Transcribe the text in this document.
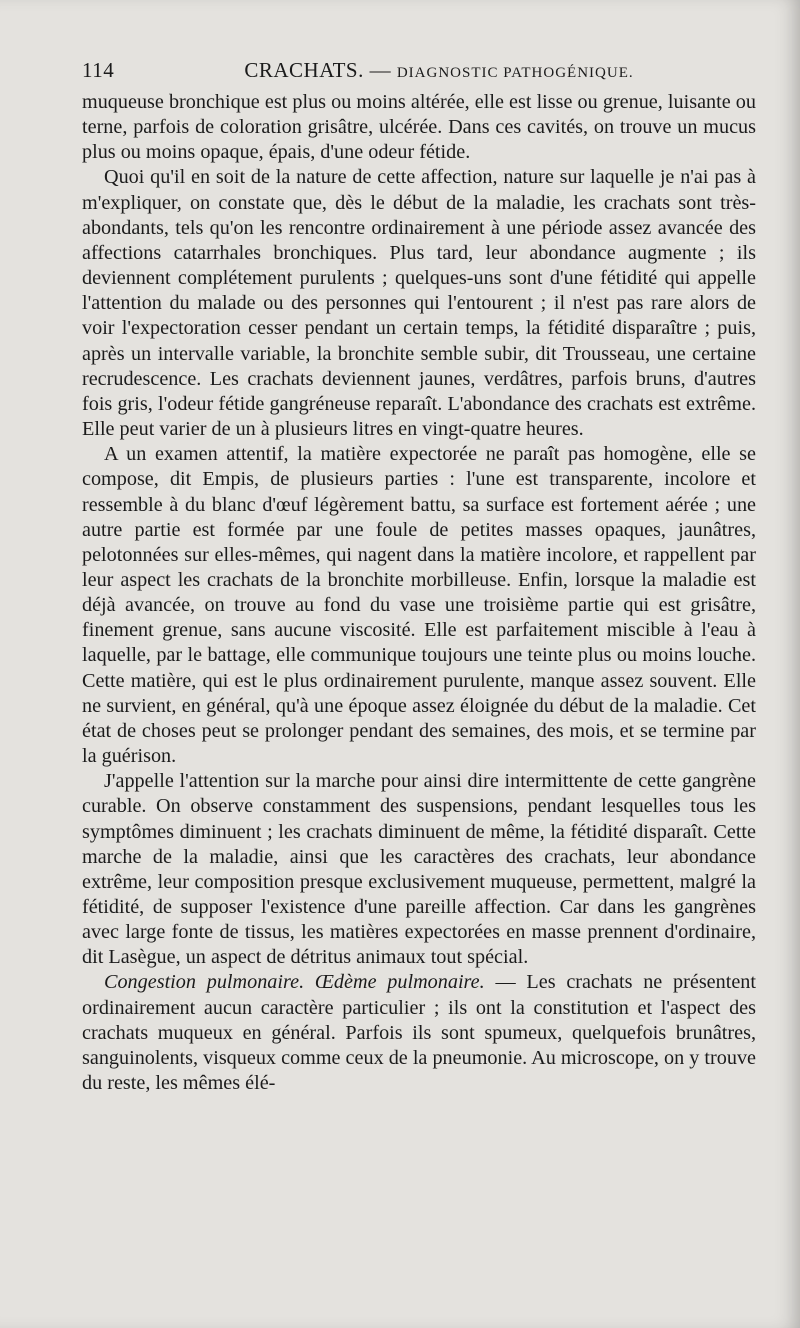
114	CRACHATS. — DIAGNOSTIC PATHOGÉNIQUE.

muqueuse bronchique est plus ou moins altérée, elle est lisse ou grenue, luisante ou terne, parfois de coloration grisâtre, ulcérée. Dans ces cavités, on trouve un mucus plus ou moins opaque, épais, d'une odeur fétide.

Quoi qu'il en soit de la nature de cette affection, nature sur laquelle je n'ai pas à m'expliquer, on constate que, dès le début de la maladie, les crachats sont très-abondants, tels qu'on les rencontre ordinairement à une période assez avancée des affections catarrhales bronchiques. Plus tard, leur abondance augmente ; ils deviennent complétement purulents ; quelques-uns sont d'une fétidité qui appelle l'attention du malade ou des personnes qui l'entourent ; il n'est pas rare alors de voir l'expectoration cesser pendant un certain temps, la fétidité disparaître ; puis, après un intervalle variable, la bronchite semble subir, dit Trousseau, une certaine recrudescence. Les crachats deviennent jaunes, verdâtres, parfois bruns, d'autres fois gris, l'odeur fétide gangréneuse reparaît. L'abondance des crachats est extrême. Elle peut varier de un à plusieurs litres en vingt-quatre heures.

A un examen attentif, la matière expectorée ne paraît pas homogène, elle se compose, dit Empis, de plusieurs parties : l'une est transparente, incolore et ressemble à du blanc d'œuf légèrement battu, sa surface est fortement aérée ; une autre partie est formée par une foule de petites masses opaques, jaunâtres, pelotonnées sur elles-mêmes, qui nagent dans la matière incolore, et rappellent par leur aspect les crachats de la bronchite morbilleuse. Enfin, lorsque la maladie est déjà avancée, on trouve au fond du vase une troisième partie qui est grisâtre, finement grenue, sans aucune viscosité. Elle est parfaitement miscible à l'eau à laquelle, par le battage, elle communique toujours une teinte plus ou moins louche. Cette matière, qui est le plus ordinairement purulente, manque assez souvent. Elle ne survient, en général, qu'à une époque assez éloignée du début de la maladie. Cet état de choses peut se prolonger pendant des semaines, des mois, et se termine par la guérison.

J'appelle l'attention sur la marche pour ainsi dire intermittente de cette gangrène curable. On observe constamment des suspensions, pendant lesquelles tous les symptômes diminuent ; les crachats diminuent de même, la fétidité disparaît. Cette marche de la maladie, ainsi que les caractères des crachats, leur abondance extrême, leur composition presque exclusivement muqueuse, permettent, malgré la fétidité, de supposer l'existence d'une pareille affection. Car dans les gangrènes avec large fonte de tissus, les matières expectorées en masse prennent d'ordinaire, dit Lasègue, un aspect de détritus animaux tout spécial.

Congestion pulmonaire. Œdème pulmonaire. — Les crachats ne présentent ordinairement aucun caractère particulier ; ils ont la constitution et l'aspect des crachats muqueux en général. Parfois ils sont spumeux, quelquefois brunâtres, sanguinolents, visqueux comme ceux de la pneumonie. Au microscope, on y trouve du reste, les mêmes élé-
